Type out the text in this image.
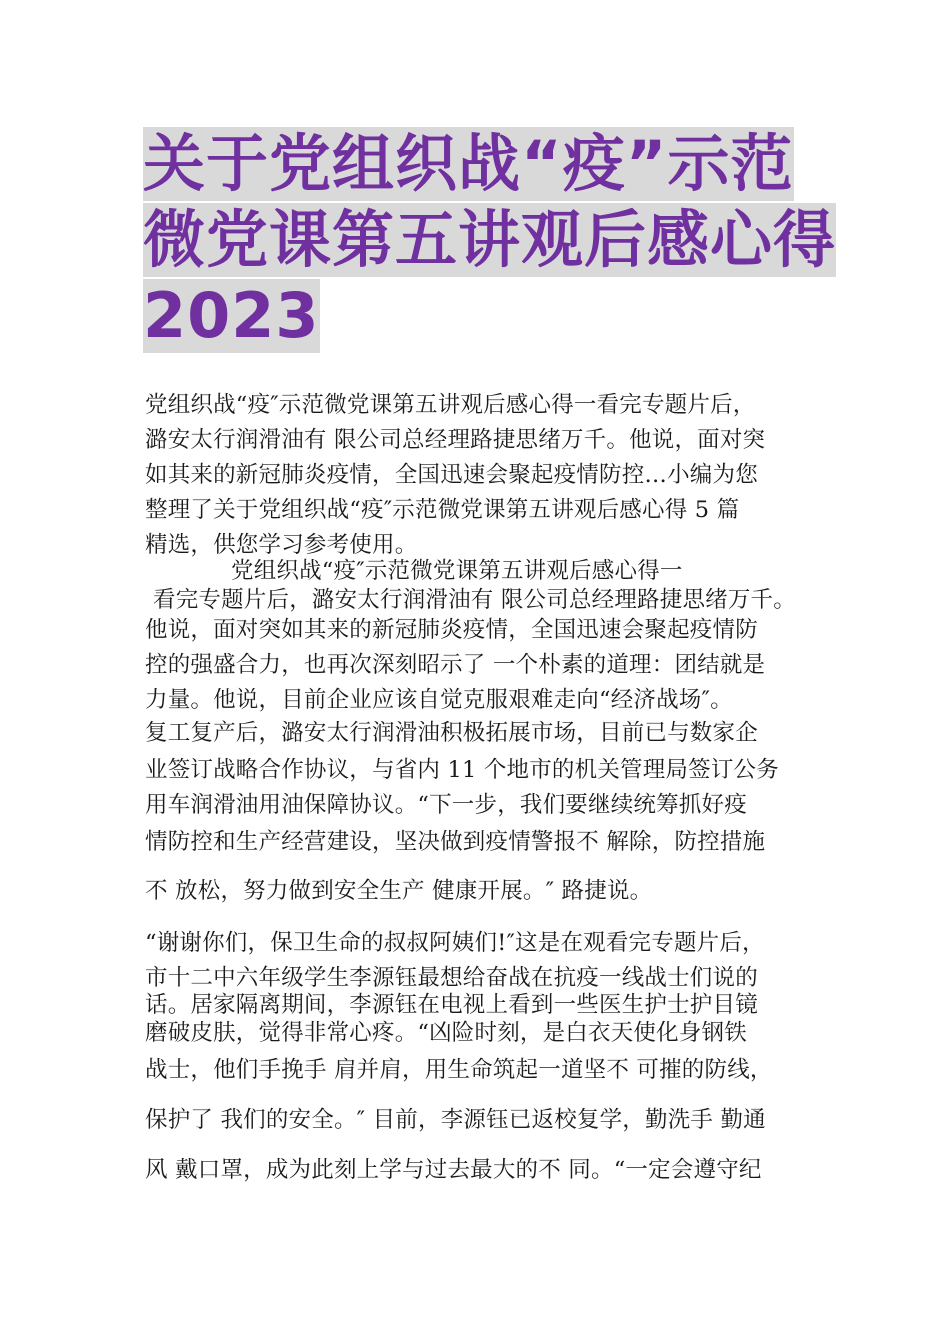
关于党组织战“疫”示范
微党课第五讲观后感心得
2023
党组织战“疫″示范微党课第五讲观后感心得一看完专题片后，
潞安太行润滑油有 限公司总经理路捷思绪万千。他说，面对突
如其来的新冠肺炎疫情，全国迅速会聚起疫情防控…小编为您
整理了关于党组织战“疫″示范微党课第五讲观后感心得 5 篇
精选，供您学习参考使用。
党组织战“疫″示范微党课第五讲观后感心得一
看完专题片后，潞安太行润滑油有 限公司总经理路捷思绪万千。
他说，面对突如其来的新冠肺炎疫情，全国迅速会聚起疫情防
控的强盛合力，也再次深刻昭示了 一个朴素的道理：团结就是
力量。他说，目前企业应该自觉克服艰难走向“经济战场″。
复工复产后，潞安太行润滑油积极拓展市场，目前已与数家企
业签订战略合作协议，与省内 11 个地市的机关管理局签订公务
用车润滑油用油保障协议。“下一步，我们要继续统筹抓好疫
情防控和生产经营建设，坚决做到疫情警报不 解除，防控措施
不 放松，努力做到安全生产 健康开展。″ 路捷说。
“谢谢你们，保卫生命的叔叔阿姨们!″这是在观看完专题片后，
市十二中六年级学生李源钰最想给奋战在抗疫一线战士们说的
话。居家隔离期间，李源钰在电视上看到一些医生护士护目镜
磨破皮肤，觉得非常心疼。“凶险时刻，是白衣天使化身钢铁
战士，他们手挽手 肩并肩，用生命筑起一道坚不 可摧的防线，
保护了 我们的安全。″ 目前，李源钰已返校复学，勤洗手 勤通
风 戴口罩，成为此刻上学与过去最大的不 同。“一定会遵守纪
